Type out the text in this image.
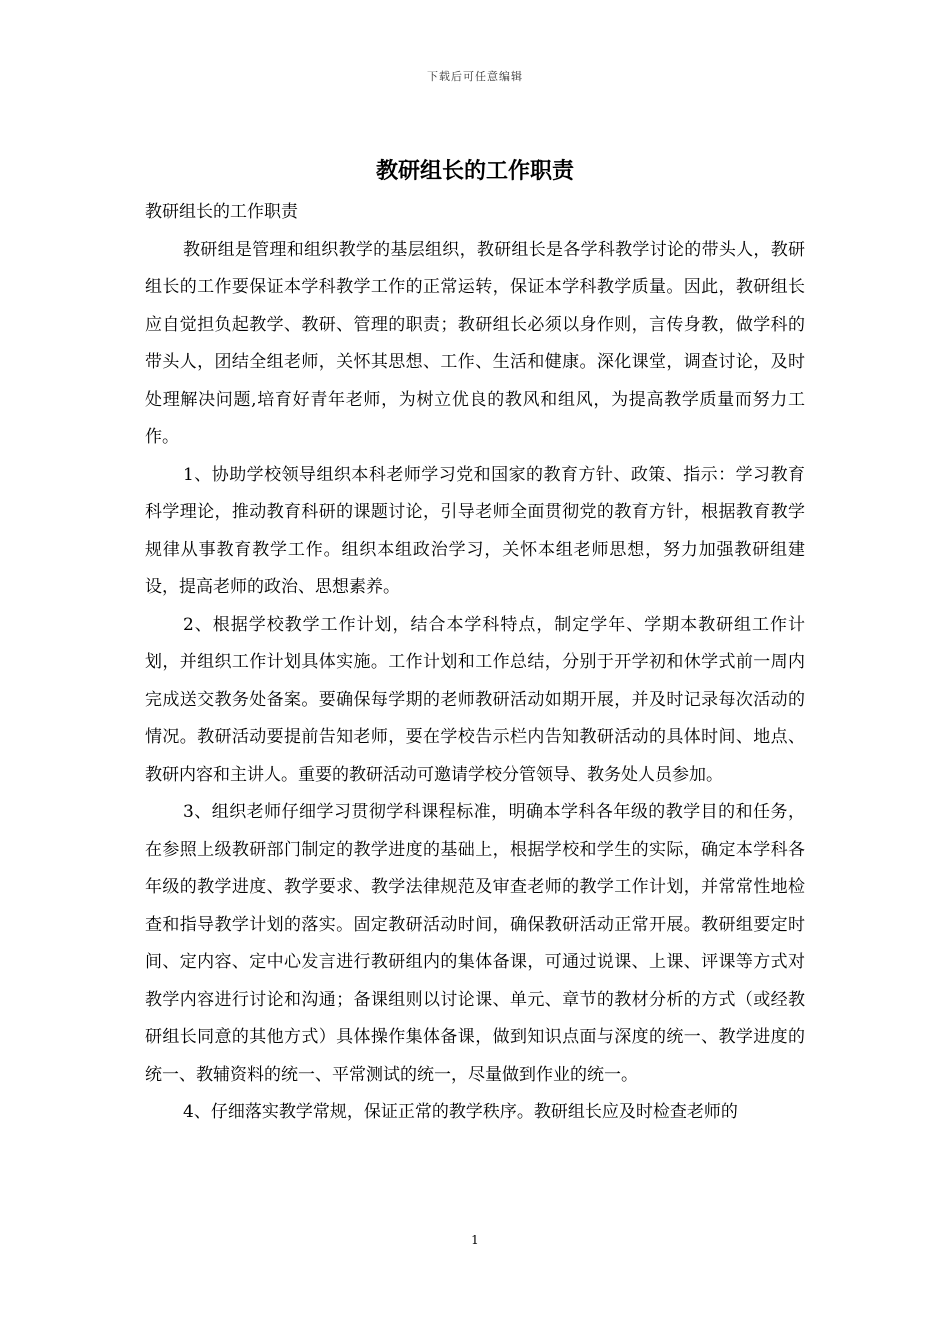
下载后可任意编辑
教研组长的工作职责

教研组长的工作职责

教研组是管理和组织教学的基层组织，教研组长是各学科教学讨论的带头人，教研组长的工作要保证本学科教学工作的正常运转，保证本学科教学质量。因此，教研组长应自觉担负起教学、教研、管理的职责；教研组长必须以身作则，言传身教，做学科的带头人，团结全组老师，关怀其思想、工作、生活和健康。深化课堂，调查讨论，及时处理解决问题,培育好青年老师，为树立优良的教风和组风，为提高教学质量而努力工作。

1、协助学校领导组织本科老师学习党和国家的教育方针、政策、指示：学习教育科学理论，推动教育科研的课题讨论，引导老师全面贯彻党的教育方针，根据教育教学规律从事教育教学工作。组织本组政治学习，关怀本组老师思想，努力加强教研组建设，提高老师的政治、思想素养。

2、根据学校教学工作计划，结合本学科特点，制定学年、学期本教研组工作计划，并组织工作计划具体实施。工作计划和工作总结，分别于开学初和休学式前一周内完成送交教务处备案。要确保每学期的老师教研活动如期开展，并及时记录每次活动的情况。教研活动要提前告知老师，要在学校告示栏内告知教研活动的具体时间、地点、教研内容和主讲人。重要的教研活动可邀请学校分管领导、教务处人员参加。

3、组织老师仔细学习贯彻学科课程标准，明确本学科各年级的教学目的和任务，在参照上级教研部门制定的教学进度的基础上，根据学校和学生的实际，确定本学科各年级的教学进度、教学要求、教学法律规范及审查老师的教学工作计划，并常常性地检查和指导教学计划的落实。固定教研活动时间，确保教研活动正常开展。教研组要定时间、定内容、定中心发言进行教研组内的集体备课，可通过说课、上课、评课等方式对教学内容进行讨论和沟通；备课组则以讨论课、单元、章节的教材分析的方式（或经教研组长同意的其他方式）具体操作集体备课，做到知识点面与深度的统一、教学进度的统一、教辅资料的统一、平常测试的统一，尽量做到作业的统一。

4、仔细落实教学常规，保证正常的教学秩序。教研组长应及时检查老师的

1
